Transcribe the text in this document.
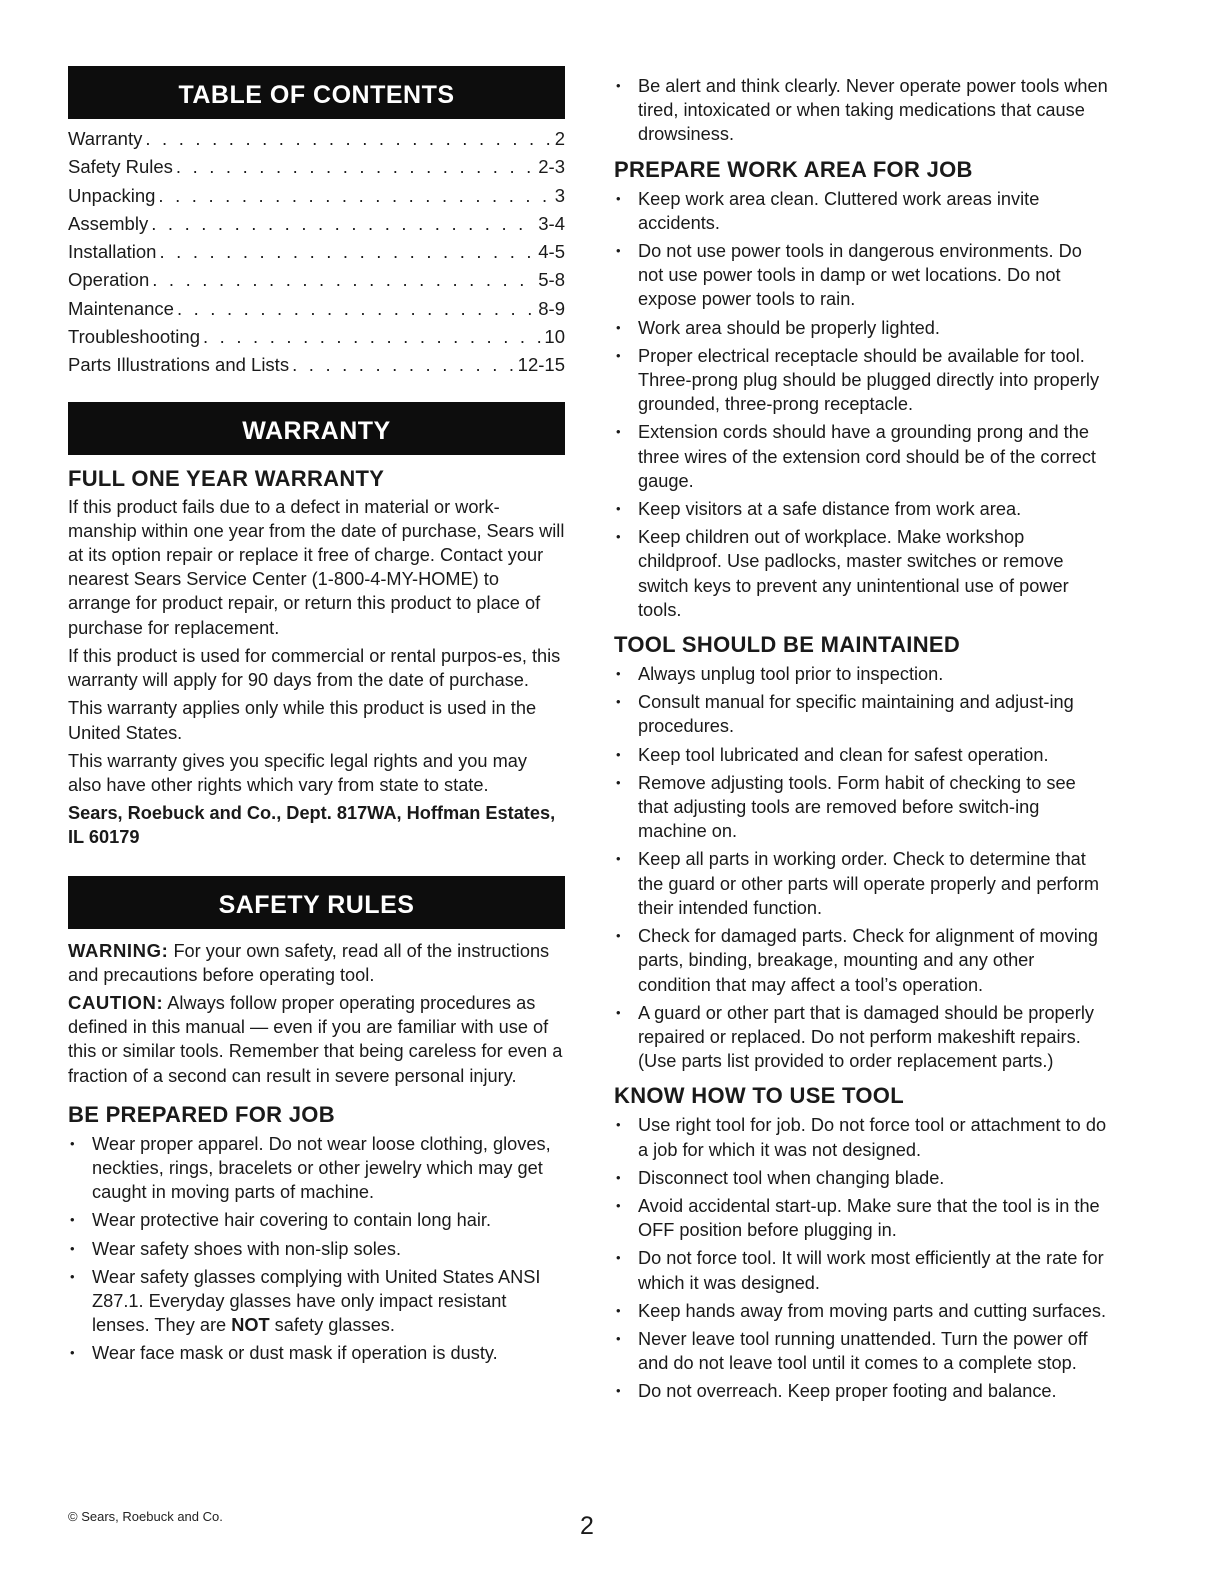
TABLE OF CONTENTS
Warranty . . .	2
Safety Rules . . .	2-3
Unpacking . . .	3
Assembly . . .	3-4
Installation . . .	4-5
Operation . . .	5-8
Maintenance . . .	8-9
Troubleshooting . . .	10
Parts Illustrations and Lists . . .	12-15
WARRANTY
FULL ONE YEAR WARRANTY

If this product fails due to a defect in material or work-manship within one year from the date of purchase, Sears will at its option repair or replace it free of charge. Contact your nearest Sears Service Center (1-800-4-MY-HOME) to arrange for product repair, or return this product to place of purchase for replacement.

If this product is used for commercial or rental purpos-es, this warranty will apply for 90 days from the date of purchase.

This warranty applies only while this product is used in the United States.

This warranty gives you specific legal rights and you may also have other rights which vary from state to state.

Sears, Roebuck and Co., Dept. 817WA, Hoffman Estates, IL 60179

SAFETY RULES

WARNING: For your own safety, read all of the instructions and precautions before operating tool.

CAUTION: Always follow proper operating procedures as defined in this manual — even if you are familiar with use of this or similar tools. Remember that being careless for even a fraction of a second can result in severe personal injury.

BE PREPARED FOR JOB
• Wear proper apparel. Do not wear loose clothing, gloves, neckties, rings, bracelets or other jewelry which may get caught in moving parts of machine.
• Wear protective hair covering to contain long hair.
• Wear safety shoes with non-slip soles.
• Wear safety glasses complying with United States ANSI Z87.1. Everyday glasses have only impact resistant lenses. They are NOT safety glasses.
• Wear face mask or dust mask if operation is dusty.
• Be alert and think clearly. Never operate power tools when tired, intoxicated or when taking medications that cause drowsiness.
PREPARE WORK AREA FOR JOB
• Keep work area clean. Cluttered work areas invite accidents.
• Do not use power tools in dangerous environments. Do not use power tools in damp or wet locations. Do not expose power tools to rain.
• Work area should be properly lighted.
• Proper electrical receptacle should be available for tool. Three-prong plug should be plugged directly into properly grounded, three-prong receptacle.
• Extension cords should have a grounding prong and the three wires of the extension cord should be of the correct gauge.
• Keep visitors at a safe distance from work area.
• Keep children out of workplace. Make workshop childproof. Use padlocks, master switches or remove switch keys to prevent any unintentional use of power tools.
TOOL SHOULD BE MAINTAINED
• Always unplug tool prior to inspection.
• Consult manual for specific maintaining and adjust-ing procedures.
• Keep tool lubricated and clean for safest operation.
• Remove adjusting tools. Form habit of checking to see that adjusting tools are removed before switch-ing machine on.
• Keep all parts in working order. Check to determine that the guard or other parts will operate properly and perform their intended function.
• Check for damaged parts. Check for alignment of moving parts, binding, breakage, mounting and any other condition that may affect a tool’s operation.
• A guard or other part that is damaged should be properly repaired or replaced. Do not perform makeshift repairs. (Use parts list provided to order replacement parts.)
KNOW HOW TO USE TOOL
• Use right tool for job. Do not force tool or attachment to do a job for which it was not designed.
• Disconnect tool when changing blade.
• Avoid accidental start-up. Make sure that the tool is in the OFF position before plugging in.
• Do not force tool. It will work most efficiently at the rate for which it was designed.
• Keep hands away from moving parts and cutting surfaces.
• Never leave tool running unattended. Turn the power off and do not leave tool until it comes to a complete stop.
• Do not overreach. Keep proper footing and balance.
© Sears, Roebuck and Co.	2
